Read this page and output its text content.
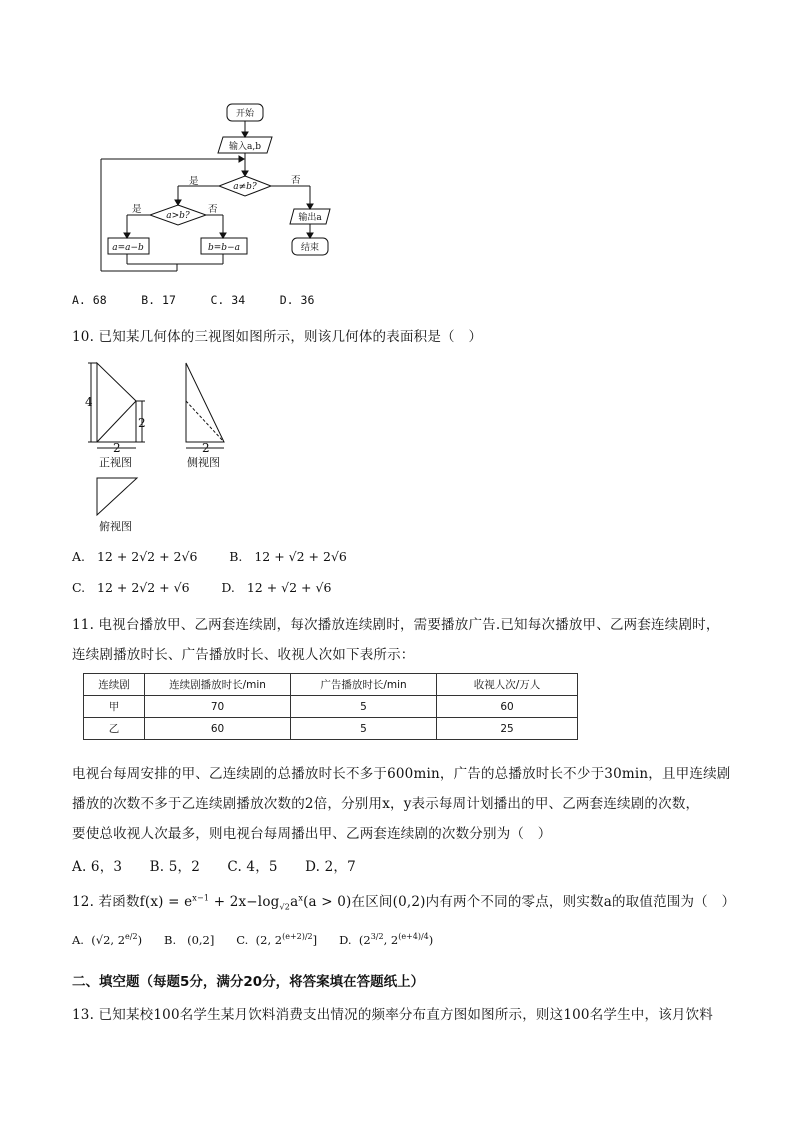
开始
输入a,b
a≠b?
a>b?
是	否
是	否
a=a−b	b=b−a
输出a
结束
A. 68	B. 17	C. 34	D. 36
10. 已知某几何体的三视图如图所示，则该几何体的表面积是（　）
4
2
2	2
正视图	侧视图
俯视图
A. 12 + 2√2 + 2√6	B. 12 + √2 + 2√6
C. 12 + 2√2 + √6	D. 12 + √2 + √6
11. 电视台播放甲、乙两套连续剧，每次播放连续剧时，需要播放广告.已知每次播放甲、乙两套连续剧时，
连续剧播放时长、广告播放时长、收视人次如下表所示：
连续剧	连续剧播放时长/min	广告播放时长/min	收视人次/万人
甲	70	5	60
乙	60	5	25
电视台每周安排的甲、乙连续剧的总播放时长不多于600min，广告的总播放时长不少于30min，且甲连续剧
播放的次数不多于乙连续剧播放次数的2倍，分别用x，y表示每周计划播出的甲、乙两套连续剧的次数，
要使总收视人次最多，则电视台每周播出甲、乙两套连续剧的次数分别为（　）
A. 6，3　　B. 5，2　　C. 4，5　　D. 2，7
12. 若函数$f(x) = e^{x-1} + 2x-\log_{√2}a^x(a > 0)$在区间(0,2)内有两个不同的零点，则实数a的取值范围为（　）
A. (√2, $2^{e/2}$) B. (0,2] C. (2, $2^{(e+2)/2}$] D. ($2^{3/2}$, $2^{(e+4)/4}$)
二、填空题（每题5分，满分20分，将答案填在答题纸上）
13. 已知某校100名学生某月饮料消费支出情况的频率分布直方图如图所示，则这100名学生中，该月饮料
